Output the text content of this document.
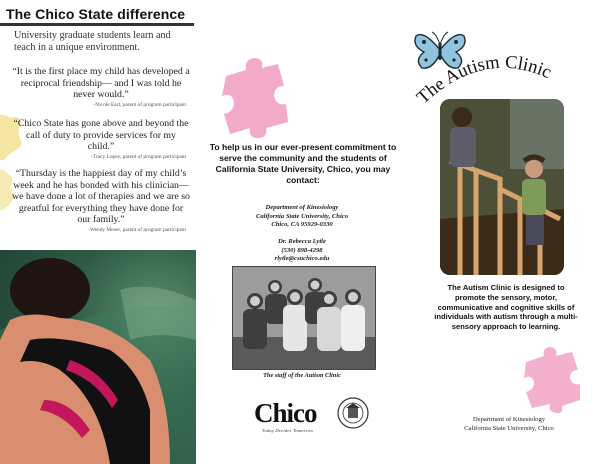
The Chico State difference

University graduate students learn and teach in a unique environment.

“It is the first place my child has developed a reciprocal friendship— and I was told he never would.”
-Nicole Earl, parent of program participant
“Chico State has gone above and beyond the call of duty to provide services for my child.”
-Tracy Lopez, parent of program participant
“Thursday is the happiest day of my child’s week and he has bonded with his clinician—we have done a lot of therapies and we are so greatful for everything they have done for our family.”
-Wendy Moser, parent of program participant

To help us in our ever-present commitment to serve the community and the students of California State University, Chico, you may contact:

Department of Kinesiology
California State University, Chico
Chico, CA 95929-0330
Dr. Rebecca Lytle
(530) 898-4298
rlytle@csuchico.edu
The staff of the Autism Clinic
Chico
Today Decides Tomorrow
The Autism Clinic

The Autism Clinic is designed to promote the sensory, motor, communicative and cognitive skills of individuals with autism through a multi-sensory approach to learning.

Department of Kinesiology
California State University, Chico
